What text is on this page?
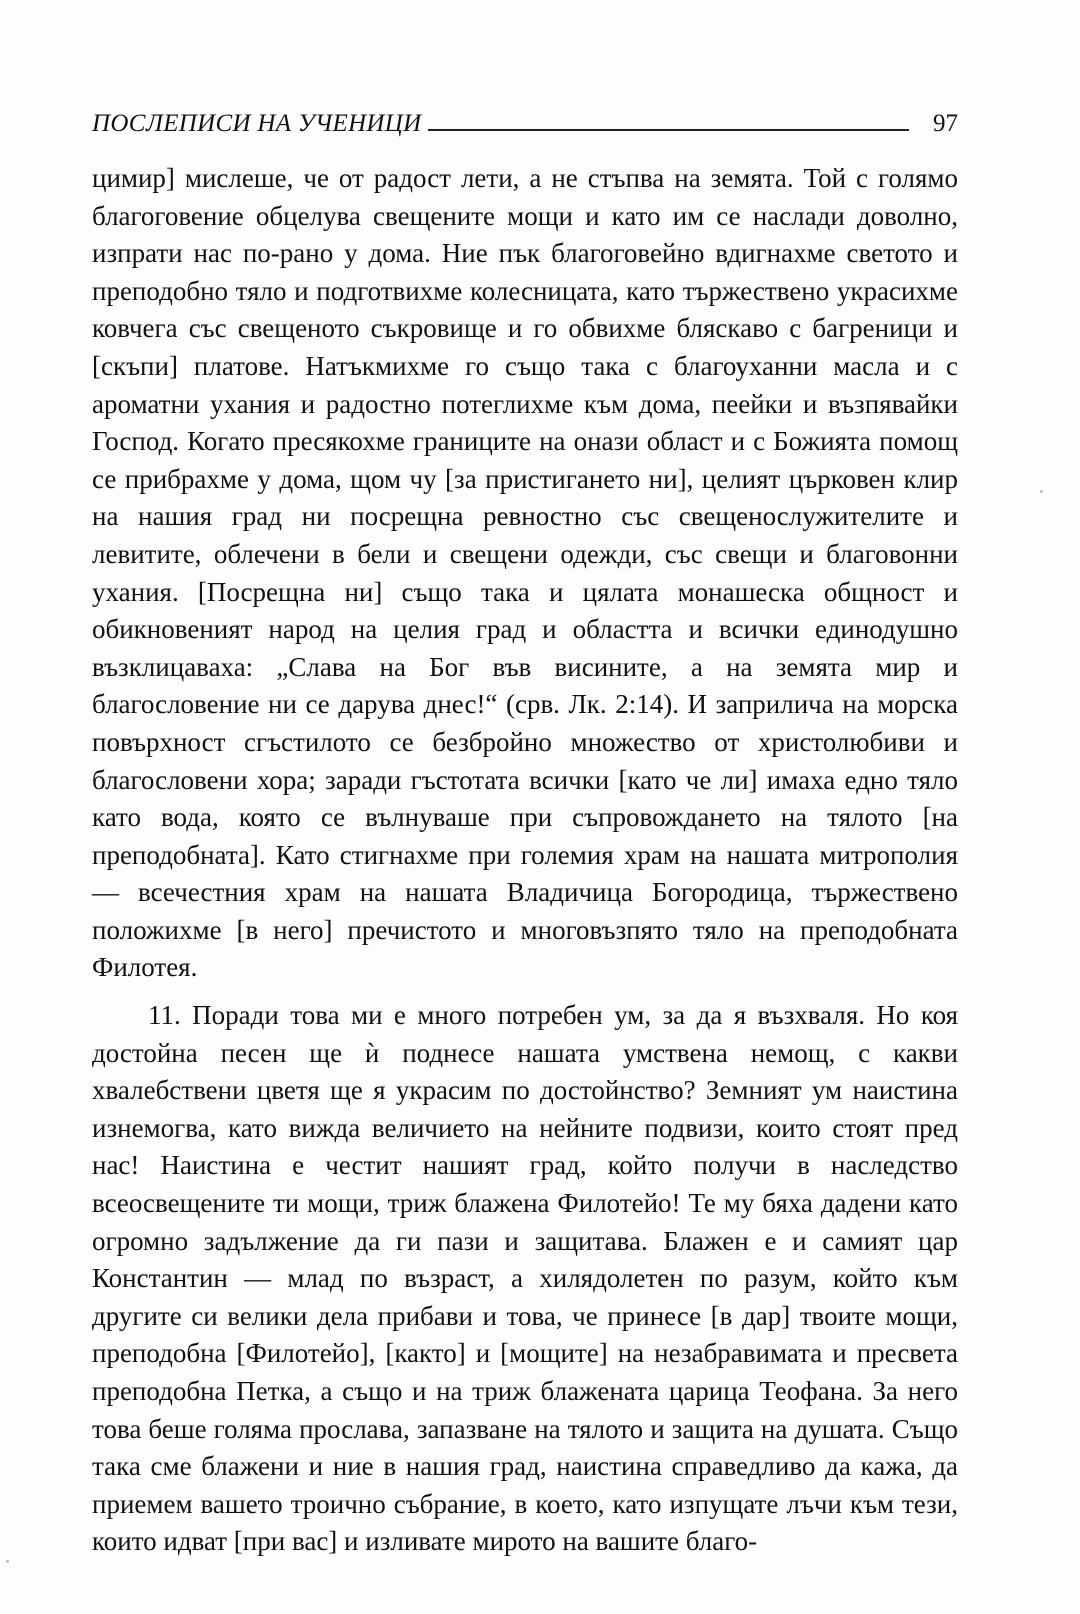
ПОСЛЕПИСИ НА УЧЕНИЦИ	97

цимир] мислеше, че от радост лети, а не стъпва на земята. Той с голямо благоговение обцелува свещените мощи и като им се наслади доволно, изпрати нас по-рано у дома. Ние пък благоговейно вдигнахме светото и преподобно тяло и подготвихме колесницата, като тържествено украсихме ковчега със свещеното съкровище и го обвихме бляскаво с багреници и [скъпи] платове. Натъкмихме го също така с благоуханни масла и с ароматни ухания и радостно потеглихме към дома, пеейки и възпявайки Господ. Когато пресякохме границите на онази област и с Божията помощ се прибрахме у дома, щом чу [за пристигането ни], целият църковен клир на нашия град ни посрещна ревностно със свещенослужителите и левитите, облечени в бели и свещени одежди, със свещи и благовонни ухания. [Посрещна ни] също така и цялата монашеска общност и обикновеният народ на целия град и областта и всички единодушно възклицаваха: „Слава на Бог във висините, а на земята мир и благословение ни се дарува днес!“ (срв. Лк. 2:14). И заприлича на морска повърхност сгъстилото се безбройно множество от христолюбиви и благословени хора; заради гъстотата всички [като че ли] имаха едно тяло като вода, която се вълнуваше при съпровождането на тялото [на преподобната]. Като стигнахме при големия храм на нашата митрополия — всечестния храм на нашата Владичица Богородица, тържествено положихме [в него] пречистото и многовъзпято тяло на преподобната Филотея.

11. Поради това ми е много потребен ум, за да я възхваля. Но коя достойна песен ще ѝ поднесе нашата умствена немощ, с какви хвалебствени цветя ще я украсим по достойнство? Земният ум наистина изнемогва, като вижда величието на нейните подвизи, които стоят пред нас! Наистина е честит нашият град, който получи в наследство всеосвещените ти мощи, триж блажена Филотейо! Те му бяха дадени като огромно задължение да ги пази и защитава. Блажен е и самият цар Константин — млад по възраст, а хилядолетен по разум, който към другите си велики дела прибави и това, че принесе [в дар] твоите мощи, преподобна [Филотейо], [както] и [мощите] на незабравимата и пресвета преподобна Петка, а също и на триж блажената царица Теофана. За него това беше голяма прослава, запазване на тялото и защита на душата. Също така сме блажени и ние в нашия град, наистина справедливо да кажа, да приемем вашето троично събрание, в което, като изпущате лъчи към тези, които идват [при вас] и изливате мирото на вашите благо-
